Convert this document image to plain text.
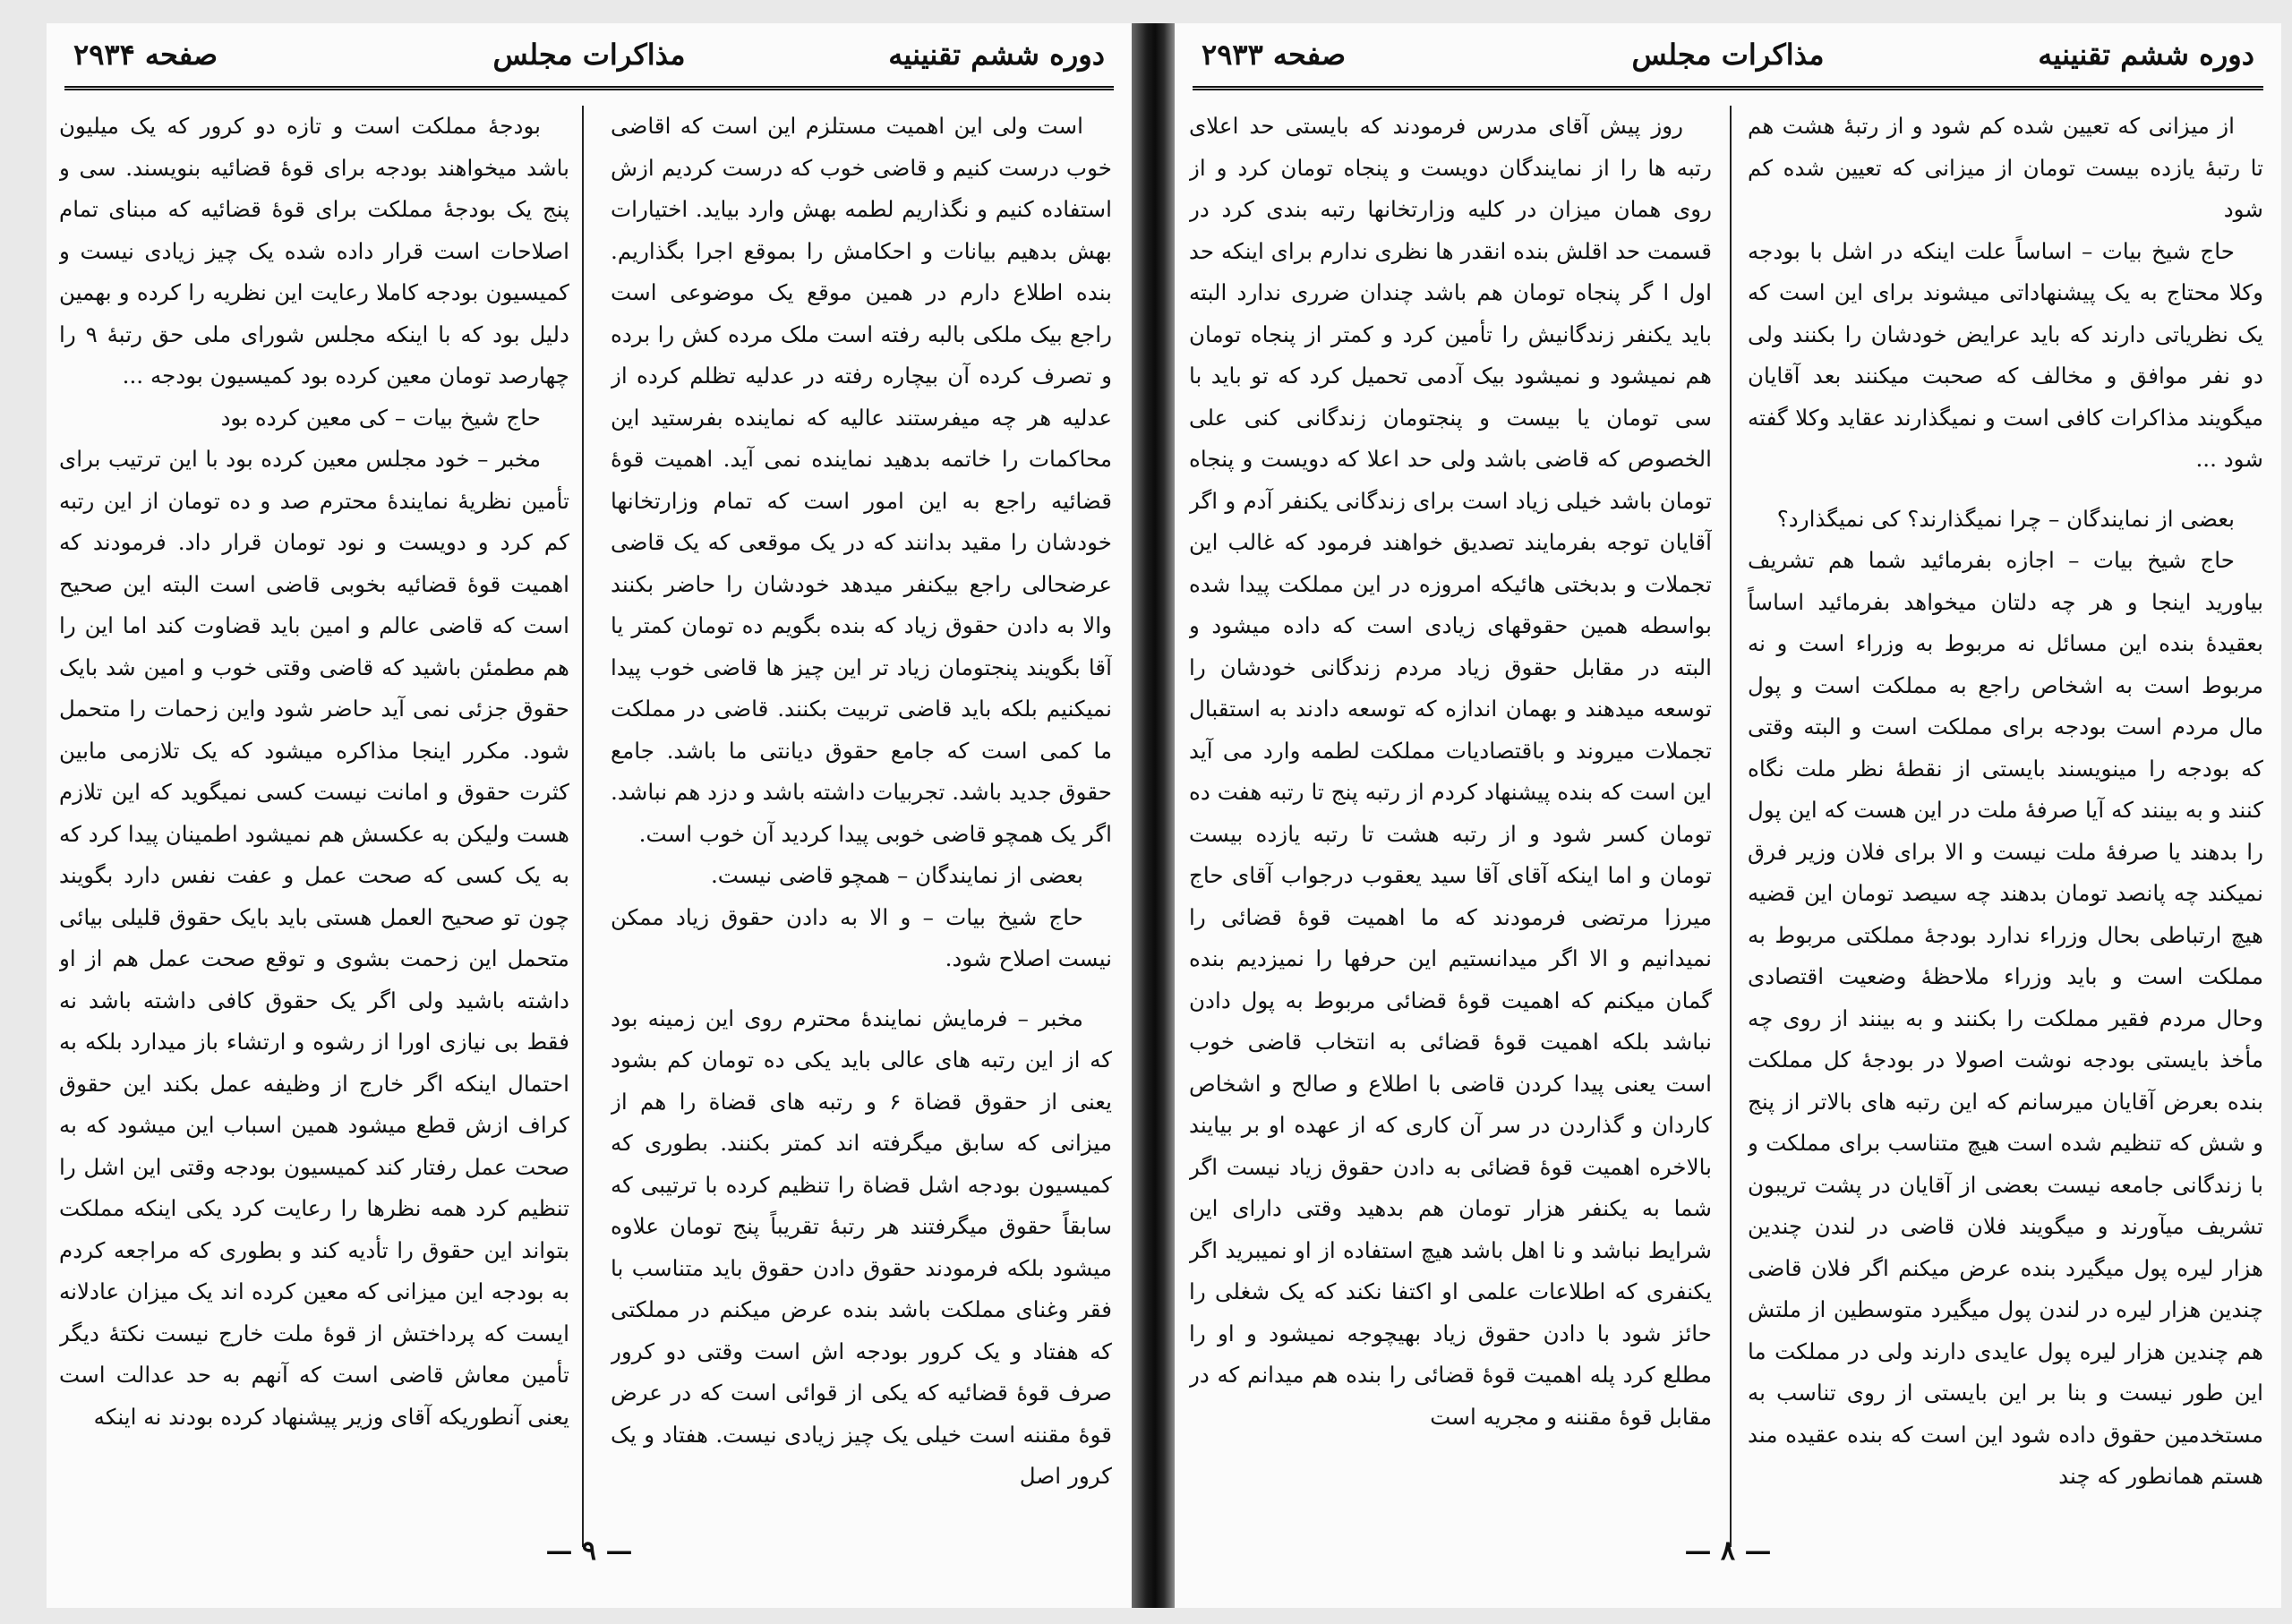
دوره ششم تقنینیه
مذاکرات مجلس
صفحه ۲۹۳۴

است ولی این اهمیت مستلزم این است که اقاضی خوب درست کنیم و قاضی خوب که درست کردیم ازش استفاده کنیم و نگذاریم لطمه بهش وارد بیاید. اختیارات بهش بدهیم بیانات و احکامش را بموقع اجرا بگذاریم. بنده اطلاع دارم در همین موقع یک موضوعی است راجع بیک ملکی بالبه رفته است ملک مرده کش را برده و تصرف کرده آن بیچاره رفته در عدلیه تظلم کرده از عدلیه هر چه میفرستند عالیه که نماینده بفرستید این محاکمات را خاتمه بدهید نماینده نمی آید. اهمیت قوهٔ قضائیه راجع به این امور است که تمام وزارتخانها خودشان را مقید بدانند که در یک موقعی که یک قاضی عرضحالی راجع بیکنفر میدهد خودشان را حاضر بکنند والا به دادن حقوق زیاد که بنده بگویم ده تومان کمتر یا آقا بگویند پنجتومان زیاد تر این چیز ها قاضی خوب پیدا نمیکنیم بلکه باید قاضی تربیت بکنند. قاضی در مملکت ما کمی است که جامع حقوق دیانتی ما باشد. جامع حقوق جدید باشد. تجربیات داشته باشد و دزد هم نباشد. اگر یک همچو قاضی خوبی پیدا کردید آن خوب است.

بعضی از نمایندگان – همچو قاضی نیست.

حاج شیخ بیات – و الا به دادن حقوق زیاد ممکن نیست اصلاح شود.

مخبر – فرمایش نمایندهٔ محترم روی این زمینه بود که از این رتبه های عالی باید یکی ده تومان کم بشود یعنی از حقوق قضاة ۶ و رتبه های قضاة را هم از میزانی که سابق میگرفته اند کمتر بکنند. بطوری که کمیسیون بودجه اشل قضاة را تنظیم کرده با ترتیبی که سابقاً حقوق میگرفتند هر رتبهٔ تقریباً پنج تومان علاوه میشود بلکه فرمودند حقوق دادن حقوق باید متناسب با فقر وغنای مملکت باشد بنده عرض میکنم در مملکتی که هفتاد و یک کرور بودجه اش است وقتی دو کرور صرف قوهٔ قضائیه که یکی از قوائی است که در عرض قوهٔ مقننه است خیلی یک چیز زیادی نیست. هفتاد و یک کرور اصل

بودجهٔ مملکت است و تازه دو کرور که یک میلیون باشد میخواهند بودجه برای قوهٔ قضائیه بنویسند. سی و پنج یک بودجهٔ مملکت برای قوهٔ قضائیه که مبنای تمام اصلاحات است قرار داده شده یک چیز زیادی نیست و کمیسیون بودجه کاملا رعایت این نظریه را کرده و بهمین دلیل بود که با اینکه مجلس شورای ملی حق رتبهٔ ۹ را چهارصد تومان معین کرده بود کمیسیون بودجه ...

حاج شیخ بیات – کی معین کرده بود

مخبر – خود مجلس معین کرده بود با این ترتیب برای تأمین نظریهٔ نمایندهٔ محترم صد و ده تومان از این رتبه کم کرد و دویست و نود تومان قرار داد. فرمودند که اهمیت قوهٔ قضائیه بخوبی قاضی است البته این صحیح است که قاضی عالم و امین باید قضاوت کند اما این را هم مطمئن باشید که قاضی وقتی خوب و امین شد بایک حقوق جزئی نمی آید حاضر شود واین زحمات را متحمل شود. مکرر اینجا مذاکره میشود که یک تلازمی مابین کثرت حقوق و امانت نیست کسی نمیگوید که این تلازم هست ولیکن به عکسش هم نمیشود اطمینان پیدا کرد که به یک کسی که صحت عمل و عفت نفس دارد بگویند چون تو صحیح العمل هستی باید بایک حقوق قلیلی بیائی متحمل این زحمت بشوی و توقع صحت عمل هم از او داشته باشید ولی اگر یک حقوق کافی داشته باشد نه فقط بی نیازی اورا از رشوه و ارتشاء باز میدارد بلکه به احتمال اینکه اگر خارج از وظیفه عمل بکند این حقوق کراف ازش قطع میشود همین اسباب این میشود که به صحت عمل رفتار کند کمیسیون بودجه وقتی این اشل را تنظیم کرد همه نظرها را رعایت کرد یکی اینکه مملکت بتواند این حقوق را تأدیه کند و بطوری که مراجعه کردم به بودجه این میزانی که معین کرده اند یک میزان عادلانه ایست که پرداختش از قوهٔ ملت خارج نیست نکتهٔ دیگر تأمین معاش قاضی است که آنهم به حد عدالت است یعنی آنطوریکه آقای وزیر پیشنهاد کرده بودند نه اینکه

— ۹ —
دوره ششم تقنینیه
مذاکرات مجلس
صفحه ۲۹۳۳

از میزانی که تعیین شده کم شود و از رتبهٔ هشت هم تا رتبهٔ یازده بیست تومان از میزانی که تعیین شده کم شود

حاج شیخ بیات – اساساً علت اینکه در اشل با بودجه وکلا محتاج به یک پیشنهاداتی میشوند برای این است که یک نظریاتی دارند که باید عرایض خودشان را بکنند ولی دو نفر موافق و مخالف که صحبت میکنند بعد آقایان میگویند مذاکرات کافی است و نمیگذارند عقاید وکلا گفته شود ...

بعضی از نمایندگان – چرا نمیگذارند؟ کی نمیگذارد؟

حاج شیخ بیات – اجازه بفرمائید شما هم تشریف بیاورید اینجا و هر چه دلتان میخواهد بفرمائید اساساً بعقیدهٔ بنده این مسائل نه مربوط به وزراء است و نه مربوط است به اشخاص راجع به مملکت است و پول مال مردم است بودجه برای مملکت است و البته وقتی که بودجه را مینویسند بایستی از نقطهٔ نظر ملت نگاه کنند و به بینند که آیا صرفهٔ ملت در این هست که این پول را بدهند یا صرفهٔ ملت نیست و الا برای فلان وزیر فرق نمیکند چه پانصد تومان بدهند چه سیصد تومان این قضیه هیچ ارتباطی بحال وزراء ندارد بودجهٔ مملکتی مربوط به مملکت است و باید وزراء ملاحظهٔ وضعیت اقتصادی وحال مردم فقیر مملکت را بکنند و به بینند از روی چه مأخذ بایستی بودجه نوشت اصولا در بودجهٔ کل مملکت بنده بعرض آقایان میرسانم که این رتبه های بالاتر از پنج و شش که تنظیم شده است هیچ متناسب برای مملکت و با زندگانی جامعه نیست بعضی از آقایان در پشت تریبون تشریف میآورند و میگویند فلان قاضی در لندن چندین هزار لیره پول میگیرد بنده عرض میکنم اگر فلان قاضی چندین هزار لیره در لندن پول میگیرد متوسطین از ملتش هم چندین هزار لیره پول عایدی دارند ولی در مملکت ما این طور نیست و بنا بر این بایستی از روی تناسب به مستخدمین حقوق داده شود این است که بنده عقیده مند هستم همانطور که چند

روز پیش آقای مدرس فرمودند که بایستی حد اعلای رتبه ها را از نمایندگان دویست و پنجاه تومان کرد و از روی همان میزان در کلیه وزارتخانها رتبه بندی کرد در قسمت حد اقلش بنده انقدر ها نظری ندارم برای اینکه حد اول ا گر پنجاه تومان هم باشد چندان ضرری ندارد البته باید یکنفر زندگانیش را تأمین کرد و کمتر از پنجاه تومان هم نمیشود و نمیشود بیک آدمی تحمیل کرد که تو باید با سی تومان یا بیست و پنجتومان زندگانی کنی علی الخصوص که قاضی باشد ولی حد اعلا که دویست و پنجاه تومان باشد خیلی زیاد است برای زندگانی یکنفر آدم و اگر آقایان توجه بفرمایند تصدیق خواهند فرمود که غالب این تجملات و بدبختی هائیکه امروزه در این مملکت پیدا شده بواسطه همین حقوقهای زیادی است که داده میشود و البته در مقابل حقوق زیاد مردم زندگانی خودشان را توسعه میدهند و بهمان اندازه که توسعه دادند به استقبال تجملات میروند و باقتصادیات مملکت لطمه وارد می آید این است که بنده پیشنهاد کردم از رتبه پنج تا رتبه هفت ده تومان کسر شود و از رتبه هشت تا رتبه یازده بیست تومان و اما اینکه آقای آقا سید یعقوب درجواب آقای حاج میرزا مرتضی فرمودند که ما اهمیت قوهٔ قضائی را نمیدانیم و الا اگر میدانستیم این حرفها را نمیزدیم بنده گمان میکنم که اهمیت قوهٔ قضائی مربوط به پول دادن نباشد بلکه اهمیت قوهٔ قضائی به انتخاب قاضی خوب است یعنی پیدا کردن قاضی با اطلاع و صالح و اشخاص کاردان و گذاردن در سر آن کاری که از عهده او بر بیایند بالاخره اهمیت قوهٔ قضائی به دادن حقوق زیاد نیست اگر شما به یکنفر هزار تومان هم بدهید وقتی دارای این شرایط نباشد و نا اهل باشد هیچ استفاده از او نمیبرید اگر یکنفری که اطلاعات علمی او اکتفا نکند که یک شغلی را حائز شود با دادن حقوق زیاد بهیچوجه نمیشود و او را مطلع کرد پله اهمیت قوهٔ قضائی را بنده هم میدانم که در مقابل قوهٔ مقننه و مجریه است

— ۸ —
